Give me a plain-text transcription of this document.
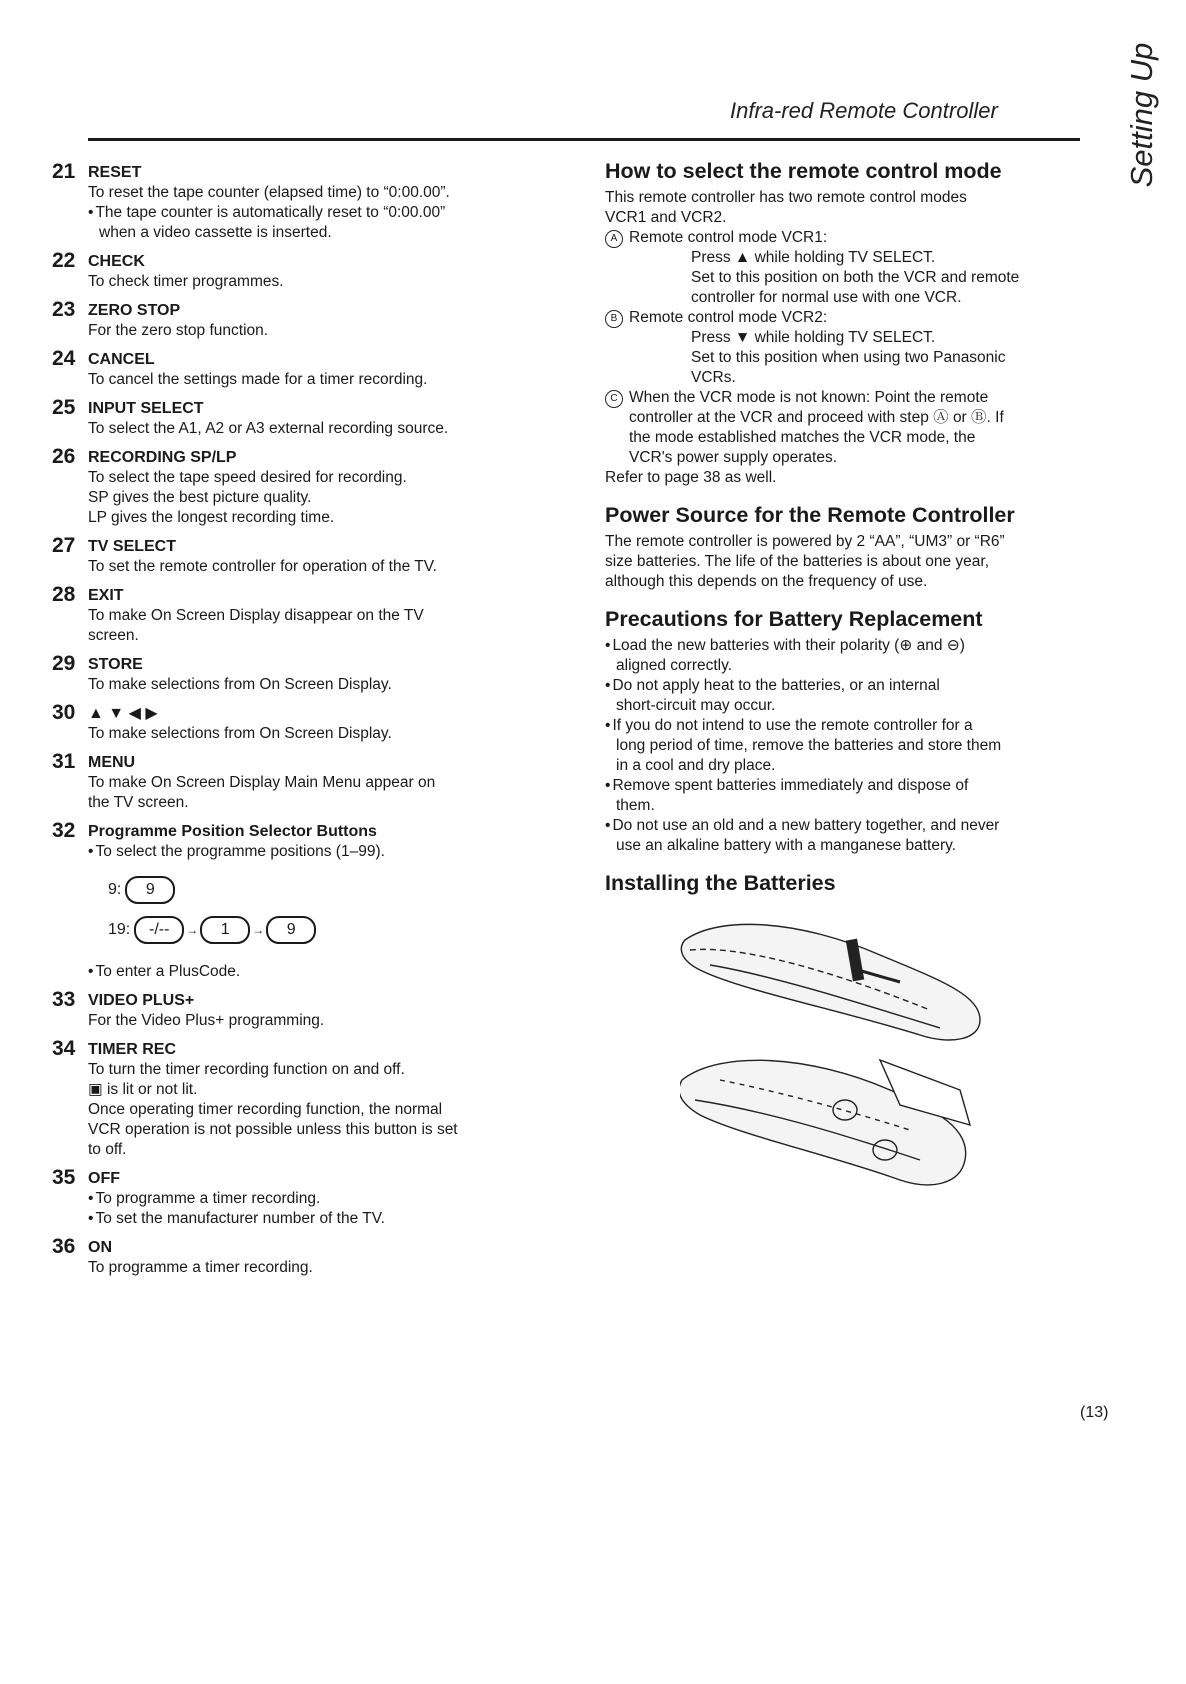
Infra-red Remote Controller	Setting Up
21 RESET
To reset the tape counter (elapsed time) to “0:00.00”.
• The tape counter is automatically reset to “0:00.00”
when a video cassette is inserted.
22 CHECK
To check timer programmes.
23 ZERO STOP
For the zero stop function.
24 CANCEL
To cancel the settings made for a timer recording.
25 INPUT SELECT
To select the A1, A2 or A3 external recording source.
26 RECORDING SP/LP
To select the tape speed desired for recording.
SP gives the best picture quality.
LP gives the longest recording time.
27 TV SELECT
To set the remote controller for operation of the TV.
28 EXIT
To make On Screen Display disappear on the TV
screen.
29 STORE
To make selections from On Screen Display.
30 ▲ ▼ ◀ ▶
To make selections from On Screen Display.
31 MENU
To make On Screen Display Main Menu appear on
the TV screen.
32 Programme Position Selector Buttons
• To select the programme positions (1–99).
9:	9
19:	-/--	→	1	→	9
• To enter a PlusCode.
33 VIDEO PLUS+
For the Video Plus+ programming.
34 TIMER REC
To turn the timer recording function on and off.
▣ is lit or not lit.
Once operating timer recording function, the normal
VCR operation is not possible unless this button is set
to off.
35 OFF
• To programme a timer recording.
• To set the manufacturer number of the TV.
36 ON
To programme a timer recording.
How to select the remote control mode
This remote controller has two remote control modes
VCR1 and VCR2.
A Remote control mode VCR1:
Press ▲ while holding TV SELECT.
Set to this position on both the VCR and remote
controller for normal use with one VCR.
B Remote control mode VCR2:
Press ▼ while holding TV SELECT.
Set to this position when using two Panasonic
VCRs.
C When the VCR mode is not known: Point the remote
controller at the VCR and proceed with step Ⓐ or Ⓑ. If
the mode established matches the VCR mode, the
VCR's power supply operates.
Refer to page 38 as well.
Power Source for the Remote Controller
The remote controller is powered by 2 “AA”, “UM3” or “R6”
size batteries. The life of the batteries is about one year,
although this depends on the frequency of use.
Precautions for Battery Replacement
• Load the new batteries with their polarity (⊕ and ⊖)
aligned correctly.
• Do not apply heat to the batteries, or an internal
short-circuit may occur.
• If you do not intend to use the remote controller for a
long period of time, remove the batteries and store them
in a cool and dry place.
• Remove spent batteries immediately and dispose of
them.
• Do not use an old and a new battery together, and never
use an alkaline battery with a manganese battery.
Installing the Batteries
(13)
